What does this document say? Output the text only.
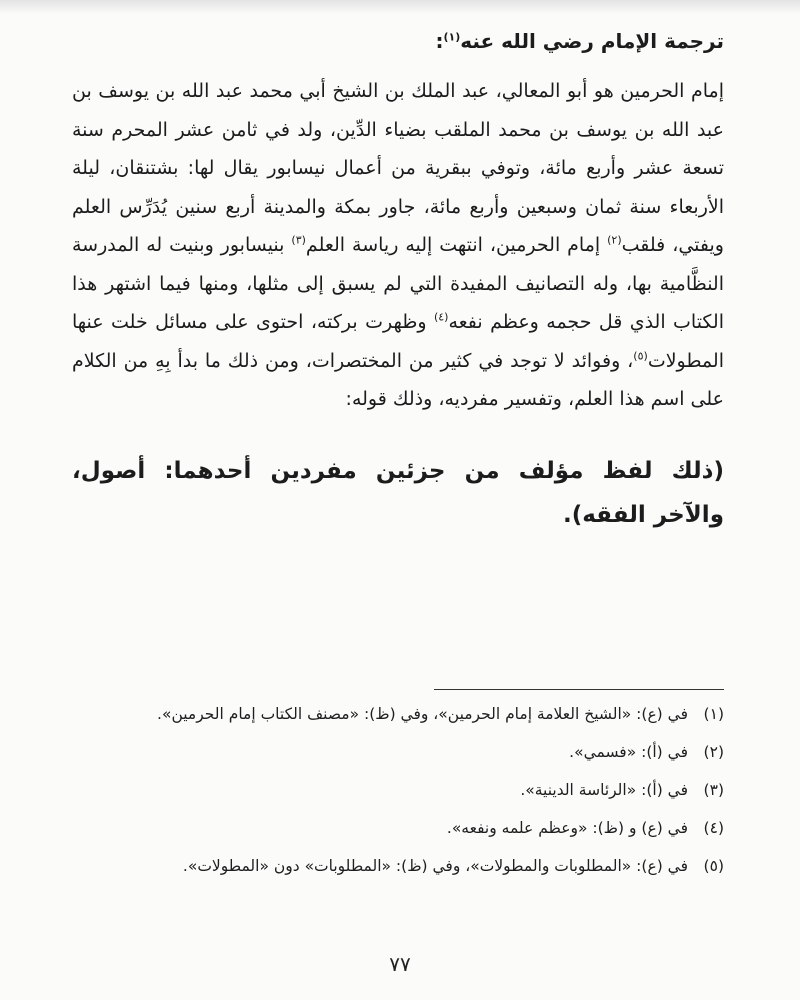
ترجمة الإمام رضي الله عنه$^{(١)}$:

إمام الحرمين هو أبو المعالي، عبد الملك بن الشيخ أبي محمد عبد الله بن يوسف بن عبد الله بن يوسف بن محمد الملقب بضياء الدِّين، ولد في ثامن عشر المحرم سنة تسعة عشر وأربع مائة، وتوفي ببقرية من أعمال نيسابور يقال لها: بشتنقان، ليلة الأربعاء سنة ثمان وسبعين وأربع مائة، جاور بمكة والمدينة أربع سنين يُدَرِّس العلم ويفتي، فلقب$^{(٢)}$ إمام الحرمين، انتهت إليه رياسة العلم$^{(٣)}$ بنيسابور وبنيت له المدرسة النظَّامية بها، وله التصانيف المفيدة التي لم يسبق إلى مثلها، ومنها فيما اشتهر هذا الكتاب الذي قل حجمه وعظم نفعه$^{(٤)}$ وظهرت بركته، احتوى على مسائل خلت عنها المطولات$^{(٥)}$، وفوائد لا توجد في كثير من المختصرات، ومن ذلك ما بدأ بِهِ من الكلام على اسم هذا العلم، وتفسير مفرديه، وذلك قوله:

(ذلك لفظ مؤلف من جزئين مفردين أحدهما: أصول، والآخر الفقه).

(١)
في (ع): «الشيخ العلامة إمام الحرمين»، وفي (ظ): «مصنف الكتاب إمام الحرمين».
(٢)
في (أ): «فسمي».
(٣)
في (أ): «الرئاسة الدينية».
(٤)
في (ع) و (ظ): «وعظم علمه ونفعه».
(٥)
في (ع): «المطلوبات والمطولات»، وفي (ظ): «المطلوبات» دون «المطولات».
٧٧
